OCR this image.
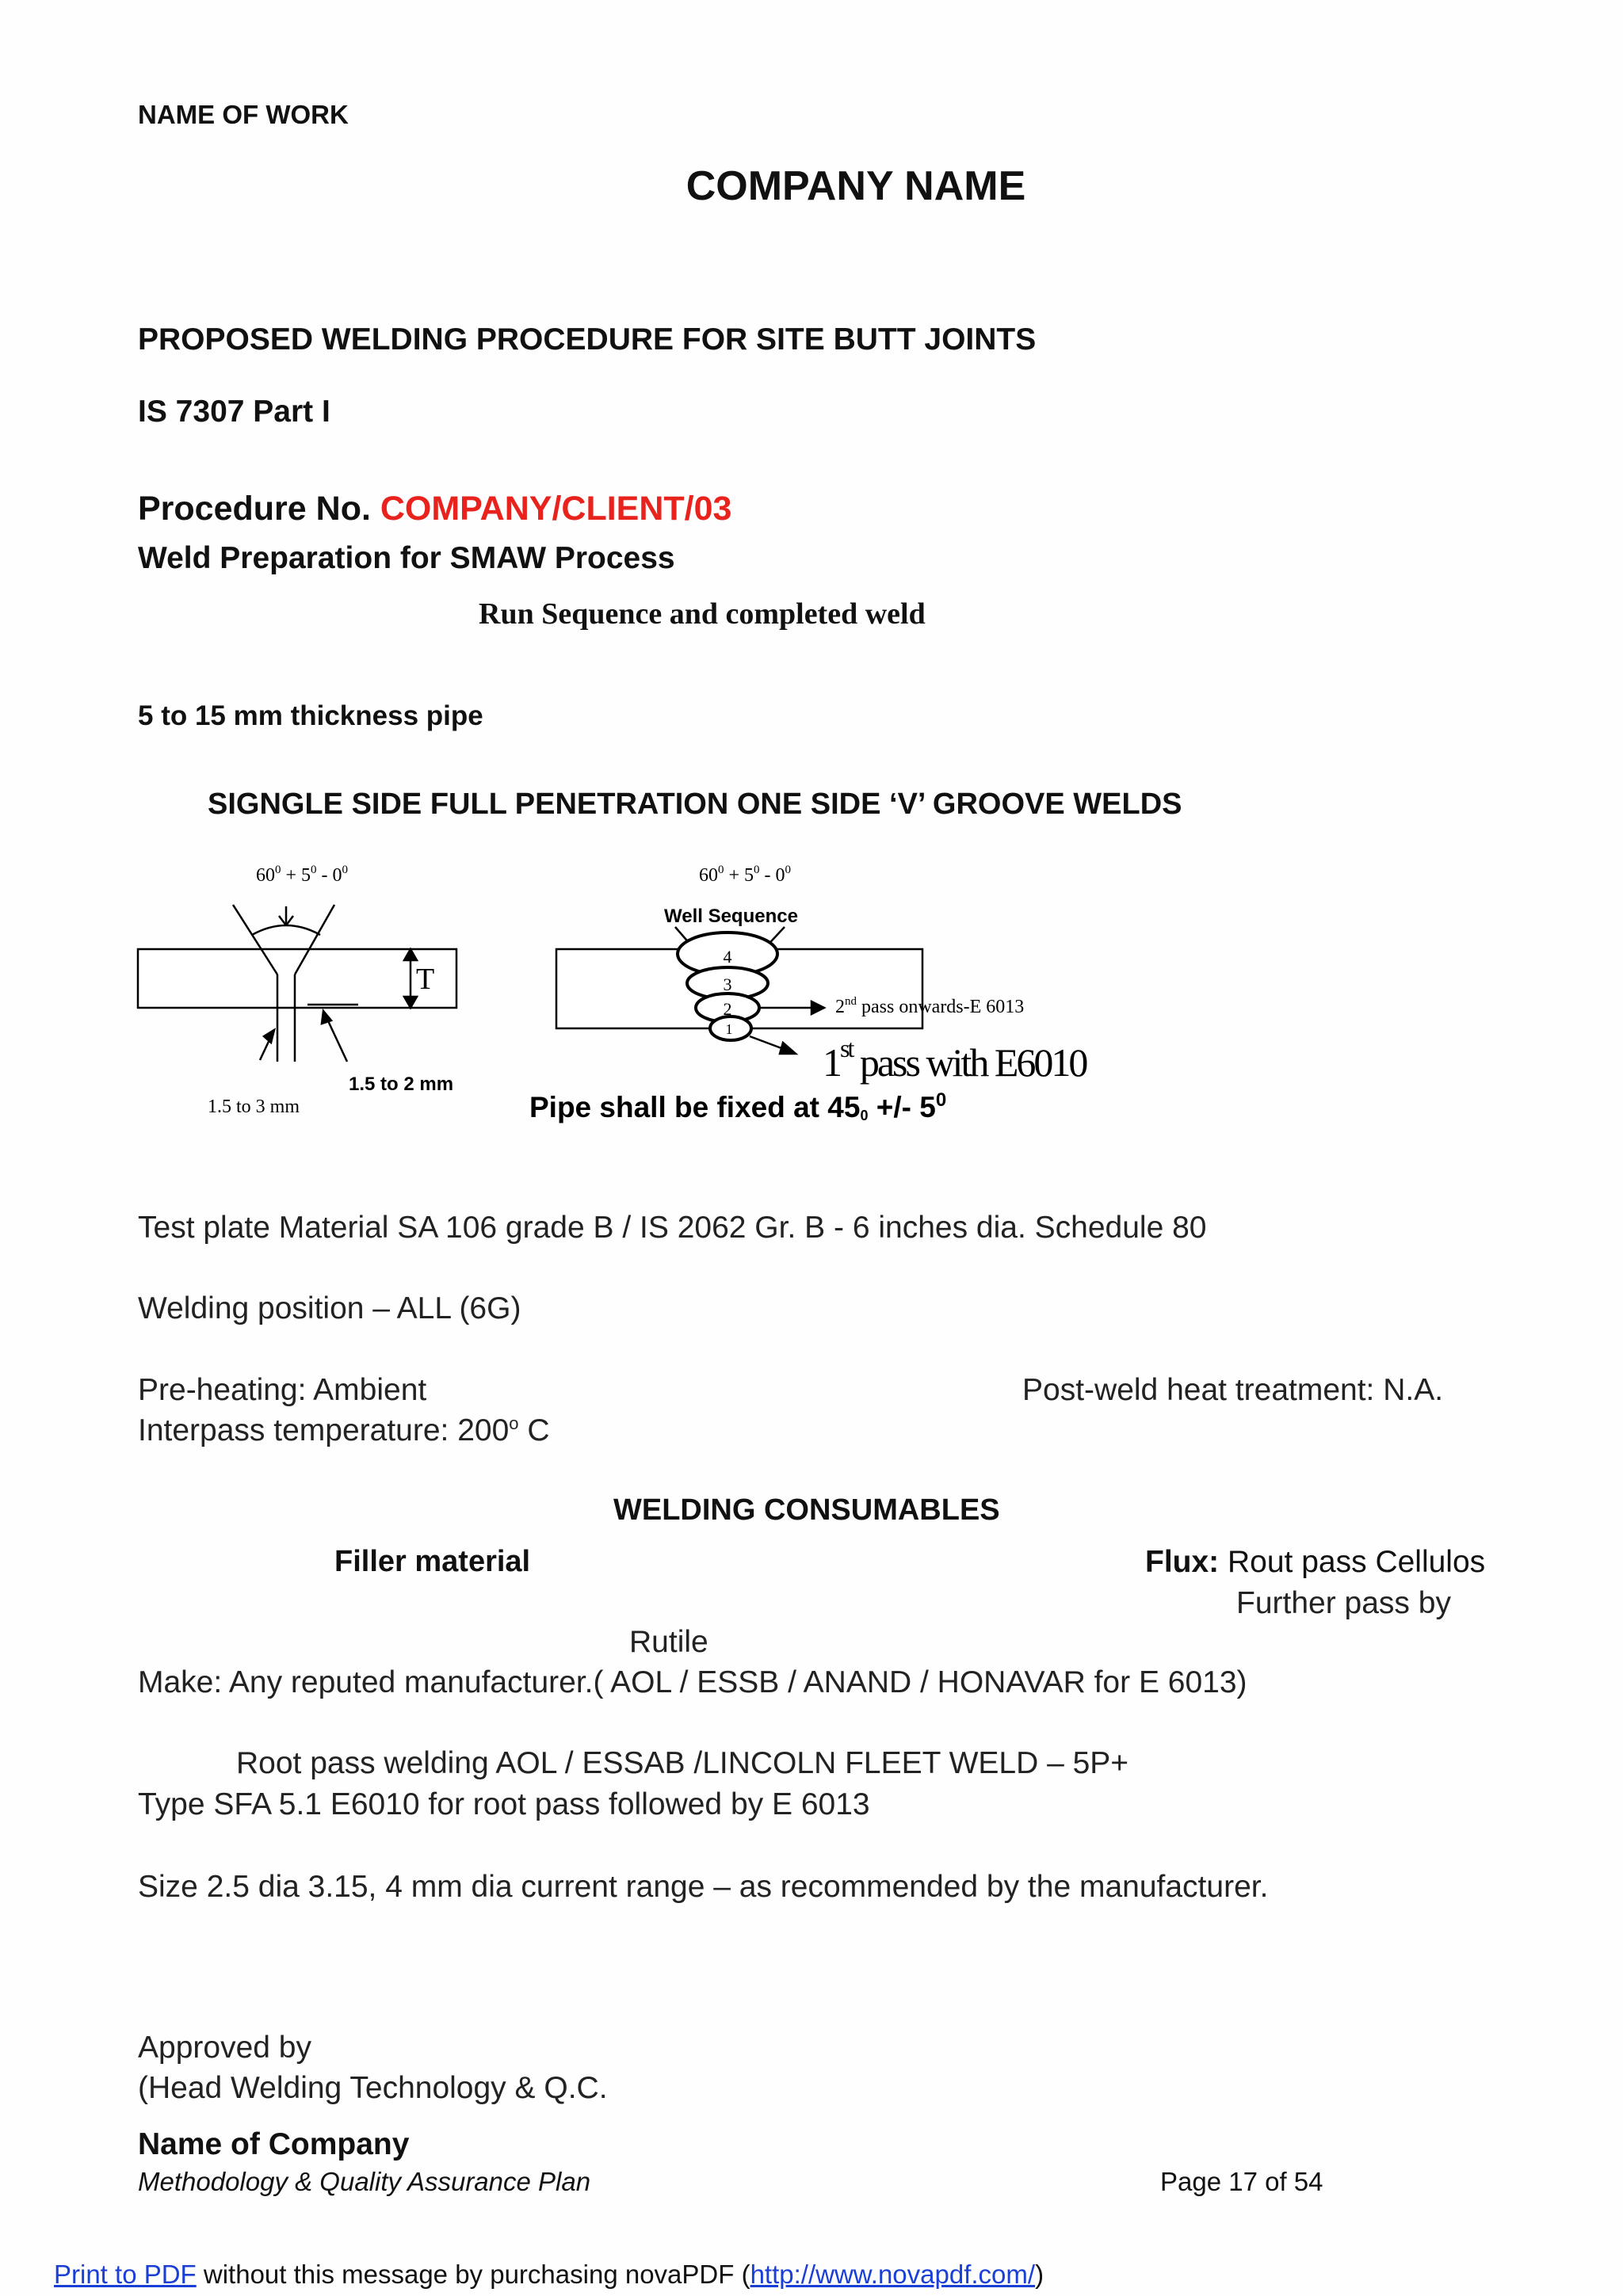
NAME OF WORK
COMPANY NAME
PROPOSED WELDING PROCEDURE FOR SITE BUTT JOINTS
IS 7307 Part I
Procedure No. COMPANY/CLIENT/03
Weld Preparation for SMAW Process
Run Sequence and completed weld
5 to 15 mm thickness pipe
SIGNGLE SIDE FULL PENETRATION ONE SIDE ‘V’ GROOVE WELDS
$60^0 + 5^0 - 0^0$
T
1.5 to 3 mm
1.5 to 2 mm
$60^0 + 5^0 - 0^0$
Well Sequence
4
3
2
1
2nd pass onwards-E 6013
1st pass with E6010
Pipe shall be fixed at 450 +/- $5^0$
Test plate Material SA 106 grade B / IS 2062 Gr. B - 6 inches dia. Schedule 80
Welding position – ALL (6G)
Pre-heating: Ambient	Post-weld heat treatment: N.A.
Interpass temperature: 200$^o$ C
WELDING CONSUMABLES
Filler material	Flux: Rout pass Cellulos
Further pass by
Rutile
Make: Any reputed manufacturer.( AOL / ESSB / ANAND / HONAVAR for E 6013)
Root pass welding AOL / ESSAB /LINCOLN FLEET WELD – 5P+
Type SFA 5.1 E6010 for root pass followed by E 6013
Size 2.5 dia 3.15, 4 mm dia current range – as recommended by the manufacturer.
Approved by
(Head Welding Technology & Q.C.
Name of Company
Methodology & Quality Assurance Plan	Page 17 of 54
Print to PDF without this message by purchasing novaPDF (http://www.novapdf.com/)
